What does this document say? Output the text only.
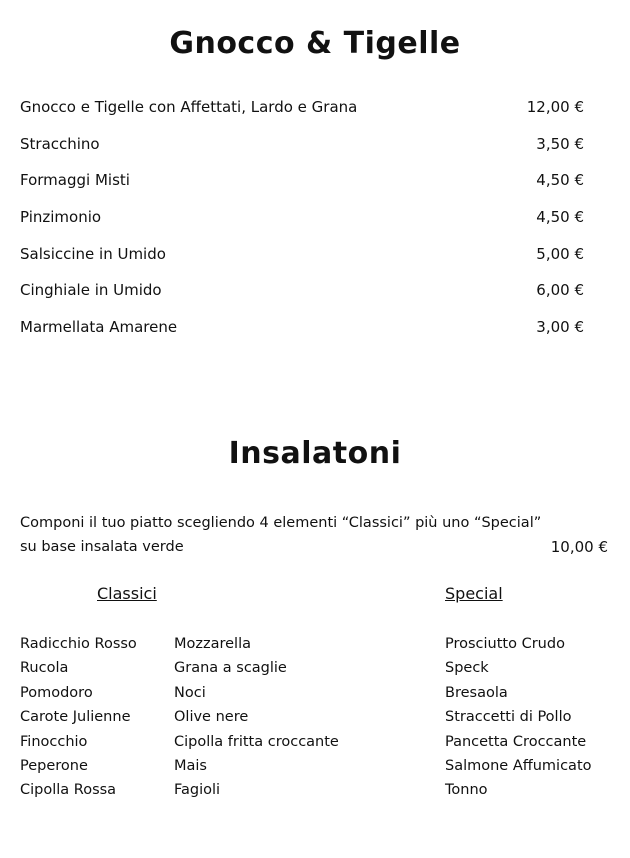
Gnocco & Tigelle
Gnocco e Tigelle con Affettati, Lardo e Grana	12,00 €
Stracchino	3,50 €
Formaggi Misti	4,50 €
Pinzimonio	4,50 €
Salsiccine in Umido	5,00 €
Cinghiale in Umido	6,00 €
Marmellata Amarene	3,00 €
Insalatoni
Componi il tuo piatto scegliendo 4 elementi “Classici” più uno “Special”
su base insalata verde	10,00 €
Classici	Special
Radicchio Rosso
Rucola
Pomodoro
Carote Julienne
Finocchio
Peperone
Cipolla Rossa
Mozzarella
Grana a scaglie
Noci
Olive nere
Cipolla fritta croccante
Mais
Fagioli
Prosciutto Crudo
Speck
Bresaola
Straccetti di Pollo
Pancetta Croccante
Salmone Affumicato
Tonno
